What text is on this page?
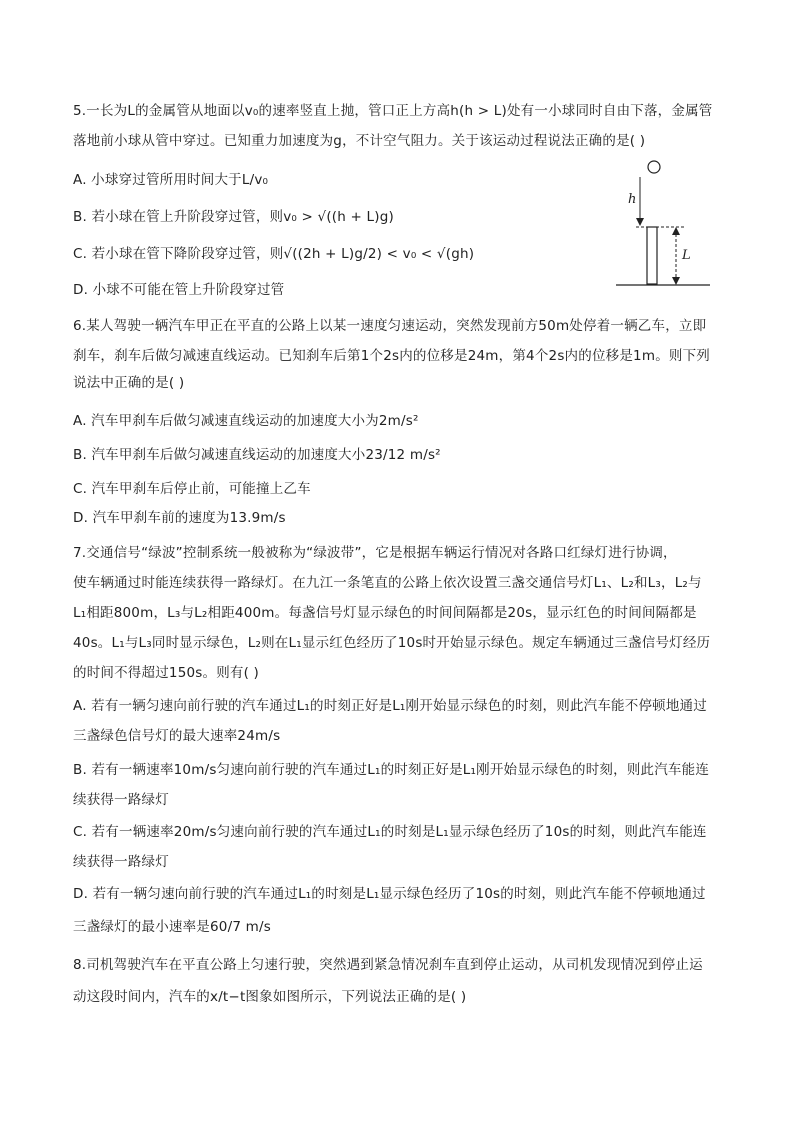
5.一长为L的金属管从地面以v₀的速率竖直上抛，管口正上方高h(h > L)处有一小球同时自由下落，金属管
落地前小球从管中穿过。已知重力加速度为g，不计空气阻力。关于该运动过程说法正确的是( )
A. 小球穿过管所用时间大于L/v₀
B. 若小球在管上升阶段穿过管，则v₀ > √((h + L)g)
C. 若小球在管下降阶段穿过管，则√((2h + L)g/2) < v₀ < √(gh)
D. 小球不可能在管上升阶段穿过管
h
L
6.某人驾驶一辆汽车甲正在平直的公路上以某一速度匀速运动，突然发现前方50m处停着一辆乙车，立即
刹车，刹车后做匀减速直线运动。已知刹车后第1个2s内的位移是24m，第4个2s内的位移是1m。则下列
说法中正确的是( )
A. 汽车甲刹车后做匀减速直线运动的加速度大小为2m/s²
B. 汽车甲刹车后做匀减速直线运动的加速度大小23/12 m/s²
C. 汽车甲刹车后停止前，可能撞上乙车
D. 汽车甲刹车前的速度为13.9m/s
7.交通信号“绿波”控制系统一般被称为“绿波带”，它是根据车辆运行情况对各路口红绿灯进行协调，
使车辆通过时能连续获得一路绿灯。在九江一条笔直的公路上依次设置三盏交通信号灯L₁、L₂和L₃，L₂与
L₁相距800m，L₃与L₂相距400m。每盏信号灯显示绿色的时间间隔都是20s，显示红色的时间间隔都是
40s。L₁与L₃同时显示绿色，L₂则在L₁显示红色经历了10s时开始显示绿色。规定车辆通过三盏信号灯经历
的时间不得超过150s。则有( )
A. 若有一辆匀速向前行驶的汽车通过L₁的时刻正好是L₁刚开始显示绿色的时刻，则此汽车能不停顿地通过
三盏绿色信号灯的最大速率24m/s
B. 若有一辆速率10m/s匀速向前行驶的汽车通过L₁的时刻正好是L₁刚开始显示绿色的时刻，则此汽车能连
续获得一路绿灯
C. 若有一辆速率20m/s匀速向前行驶的汽车通过L₁的时刻是L₁显示绿色经历了10s的时刻，则此汽车能连
续获得一路绿灯
D. 若有一辆匀速向前行驶的汽车通过L₁的时刻是L₁显示绿色经历了10s的时刻，则此汽车能不停顿地通过
三盏绿灯的最小速率是60/7 m/s
8.司机驾驶汽车在平直公路上匀速行驶，突然遇到紧急情况刹车直到停止运动，从司机发现情况到停止运
动这段时间内，汽车的x/t−t图象如图所示，下列说法正确的是( )
